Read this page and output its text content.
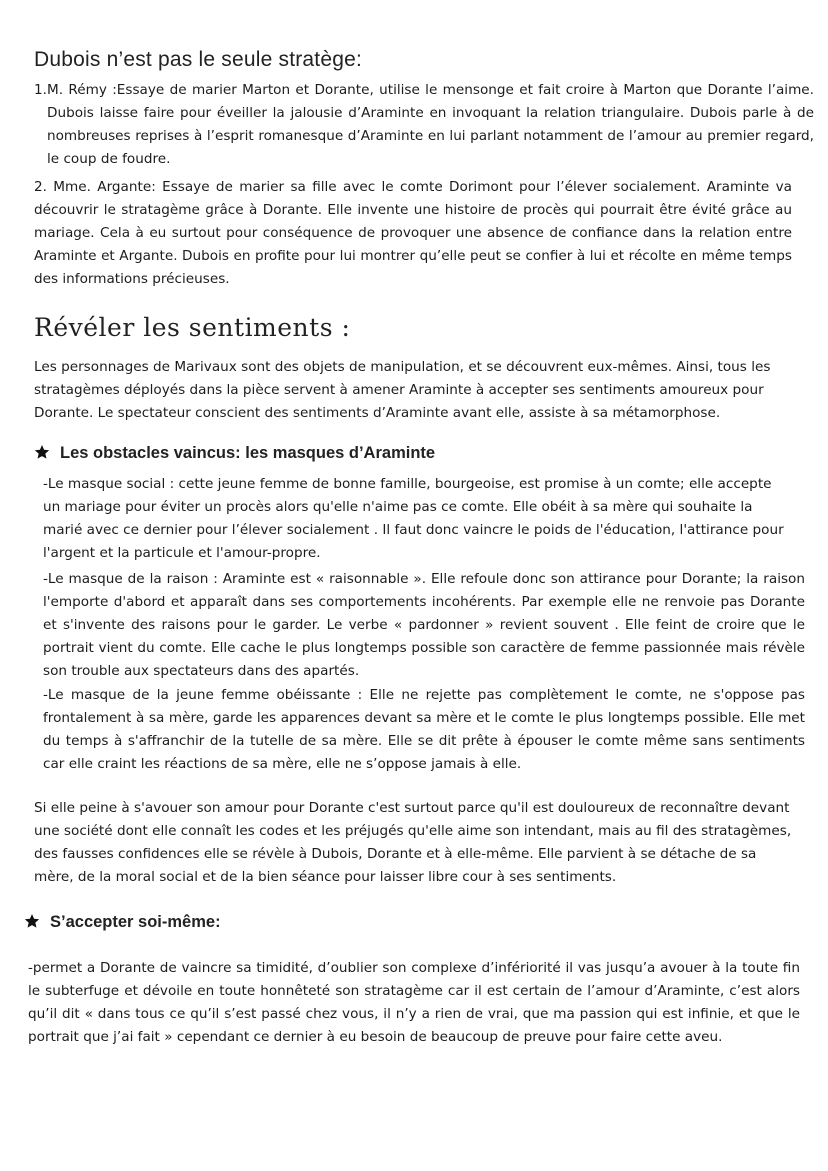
Dubois n’est pas le seule stratège:
1. M. Rémy :Essaye de marier Marton et Dorante, utilise le mensonge et fait croire à Marton que Dorante l’aime. Dubois laisse faire pour éveiller la jalousie d’Araminte en invoquant la relation triangulaire. Dubois parle à de nombreuses reprises à l’esprit romanesque d’Araminte en lui parlant notamment de l’amour au premier regard, le coup de foudre.

2. Mme. Argante: Essaye de marier sa fille avec le comte Dorimont pour l’élever socialement. Araminte va découvrir le stratagème grâce à Dorante. Elle invente une histoire de procès qui pourrait être évité grâce au mariage. Cela à eu surtout pour conséquence de provoquer une absence de confiance dans la relation entre Araminte et Argante. Dubois en profite pour lui montrer qu’elle peut se confier à lui et récolte en même temps des informations précieuses.

Révéler les sentiments :

Les personnages de Marivaux sont des objets de manipulation, et se découvrent eux-mêmes. Ainsi, tous les stratagèmes déployés dans la pièce servent à amener Araminte à accepter ses sentiments amoureux pour Dorante. Le spectateur conscient des sentiments d’Araminte avant elle, assiste à sa métamorphose.

Les obstacles vaincus: les masques d’Araminte

-Le masque social : cette jeune femme de bonne famille, bourgeoise, est promise à un comte; elle accepte un mariage pour éviter un procès alors qu'elle n'aime pas ce comte. Elle obéit à sa mère qui souhaite la marié avec ce dernier pour l’élever socialement . Il faut donc vaincre le poids de l'éducation, l'attirance pour l'argent et la particule et l'amour-propre.

-Le masque de la raison : Araminte est « raisonnable ». Elle refoule donc son attirance pour Dorante; la raison l'emporte d'abord et apparaît dans ses comportements incohérents. Par exemple elle ne renvoie pas Dorante et s'invente des raisons pour le garder. Le verbe « pardonner » revient souvent . Elle feint de croire que le portrait vient du comte. Elle cache le plus longtemps possible son caractère de femme passionnée mais révèle son trouble aux spectateurs dans des apartés.

-Le masque de la jeune femme obéissante : Elle ne rejette pas complètement le comte, ne s'oppose pas frontalement à sa mère, garde les apparences devant sa mère et le comte le plus longtemps possible. Elle met du temps à s'affranchir de la tutelle de sa mère. Elle se dit prête à épouser le comte même sans sentiments car elle craint les réactions de sa mère, elle ne s’oppose jamais à elle.

Si elle peine à s'avouer son amour pour Dorante c'est surtout parce qu'il est douloureux de reconnaître devant une société dont elle connaît les codes et les préjugés qu'elle aime son intendant, mais au fil des stratagèmes, des fausses confidences elle se révèle à Dubois, Dorante et à elle-même. Elle parvient à se détache de sa mère, de la moral social et de la bien séance pour laisser libre cour à ses sentiments.

S’accepter soi-même:

-permet a Dorante de vaincre sa timidité, d’oublier son complexe d’infériorité il vas jusqu’a avouer à la toute fin le subterfuge et dévoile en toute honnêteté son stratagème car il est certain de l’amour d’Araminte, c’est alors qu’il dit « dans tous ce qu’il s’est passé chez vous, il n’y a rien de vrai, que ma passion qui est infinie, et que le portrait que j’ai fait » cependant ce dernier à eu besoin de beaucoup de preuve pour faire cette aveu.
